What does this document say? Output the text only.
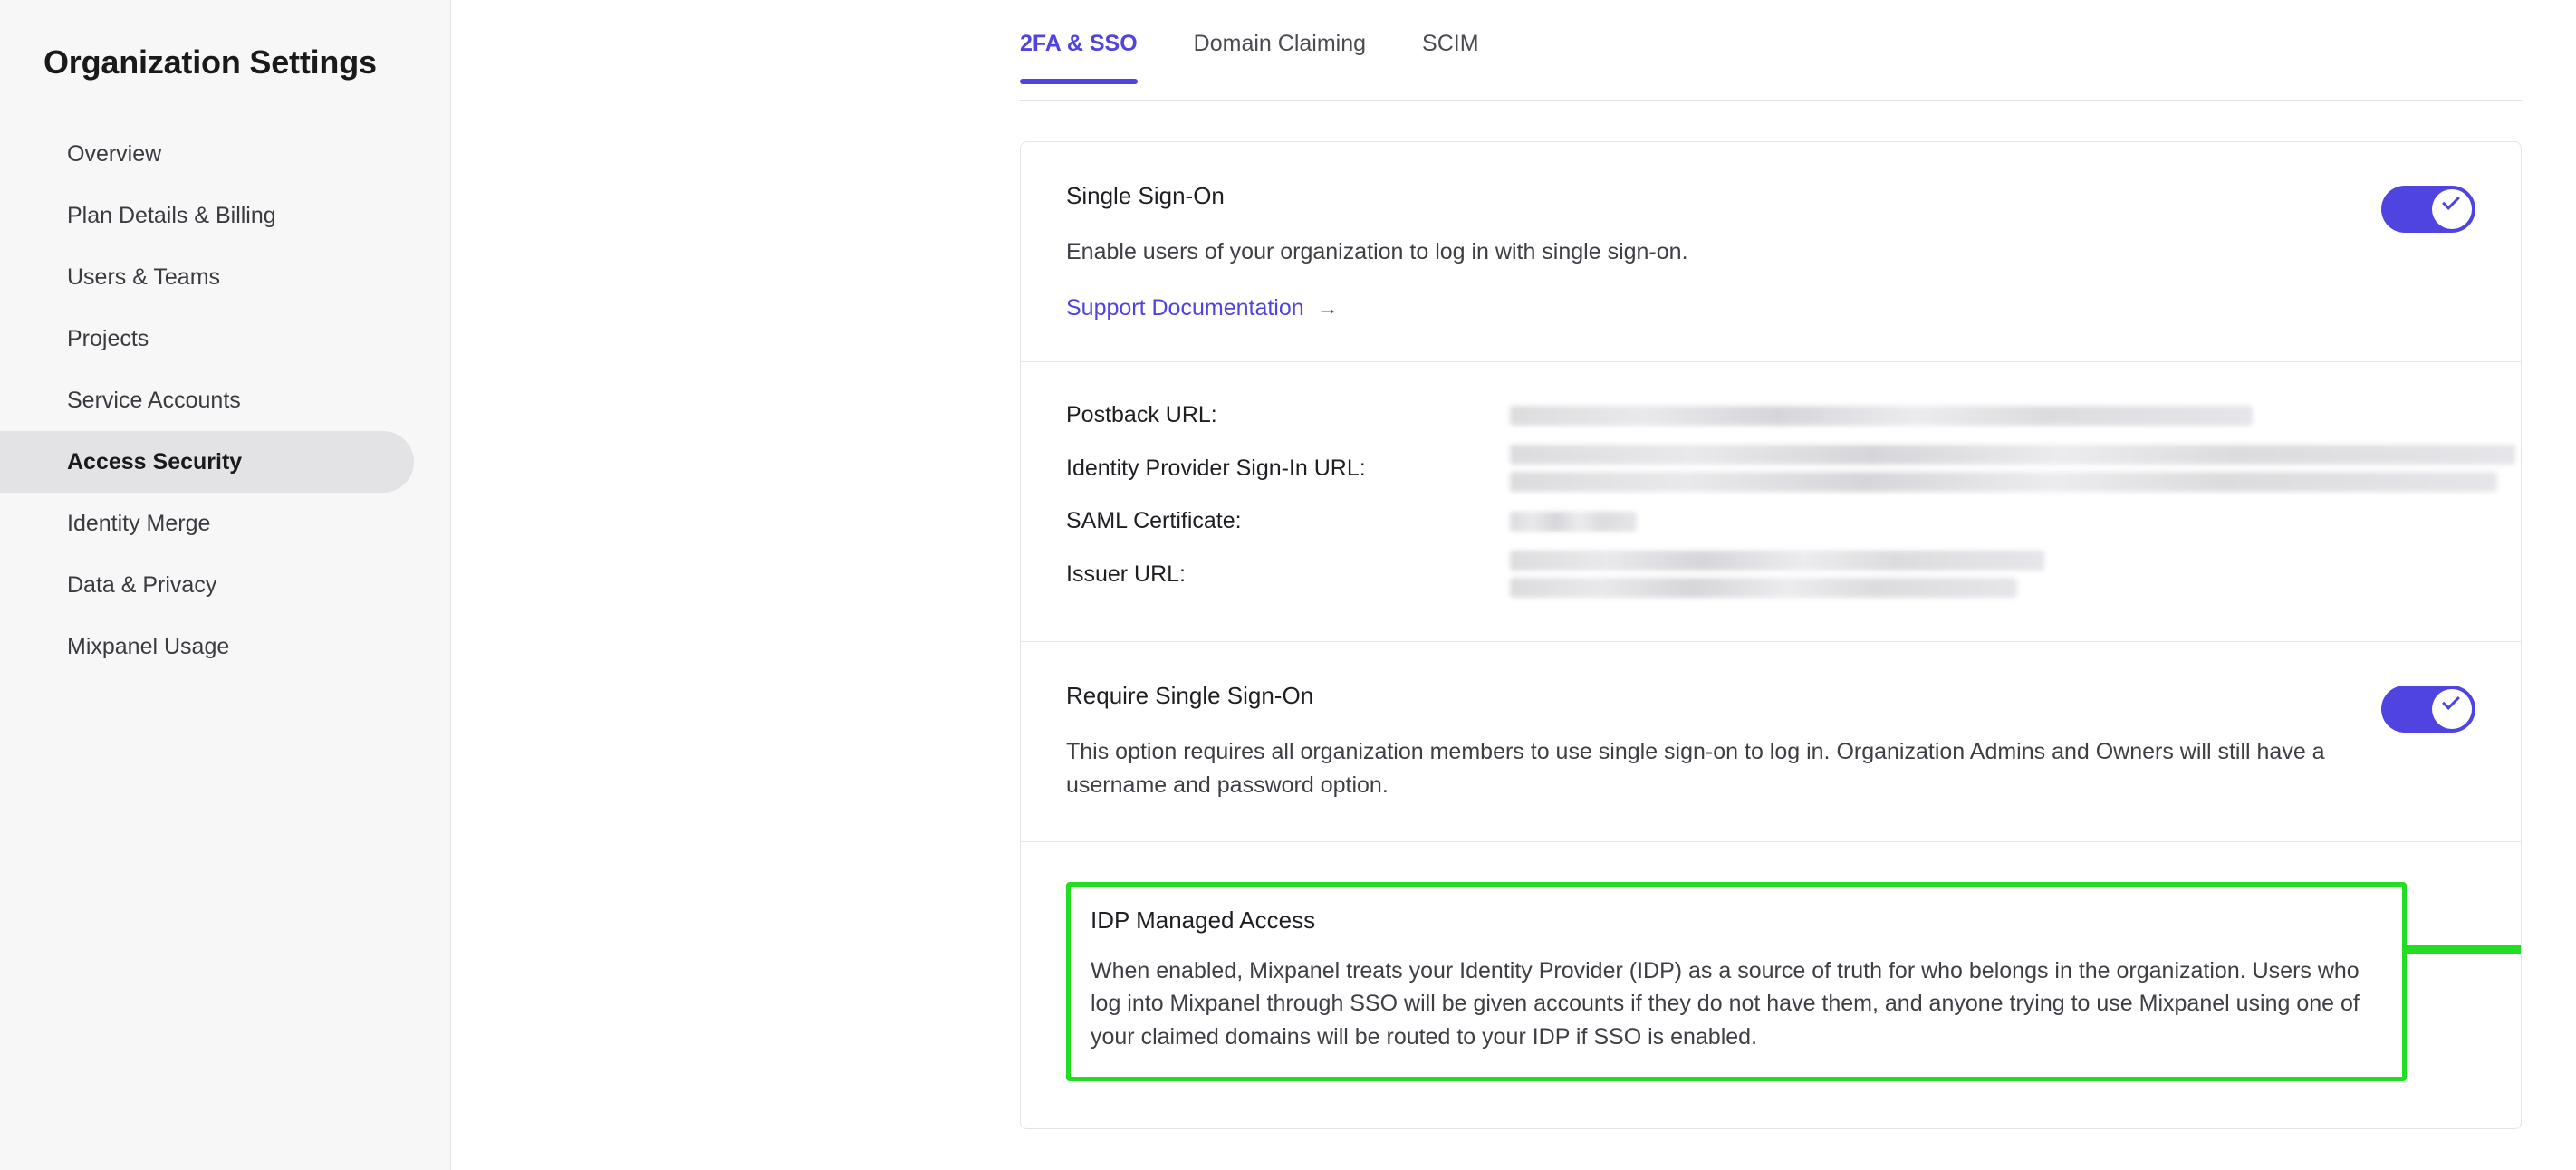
Organization Settings
Overview
Plan Details & Billing
Users & Teams
Projects
Service Accounts
Access Security
Identity Merge
Data & Privacy
Mixpanel Usage
2FA & SSO Domain Claiming SCIM
Single Sign-On
Enable users of your organization to log in with single sign-on.
Support Documentation →
Postback URL:
Identity Provider Sign-In URL:
SAML Certificate:
Issuer URL:
Require Single Sign-On
This option requires all organization members to use single sign-on to log in. Organization Admins and Owners will still have a username and password option.
IDP Managed Access
When enabled, Mixpanel treats your Identity Provider (IDP) as a source of truth for who belongs in the organization. Users who log into Mixpanel through SSO will be given accounts if they do not have them, and anyone trying to use Mixpanel using one of your claimed domains will be routed to your IDP if SSO is enabled.
